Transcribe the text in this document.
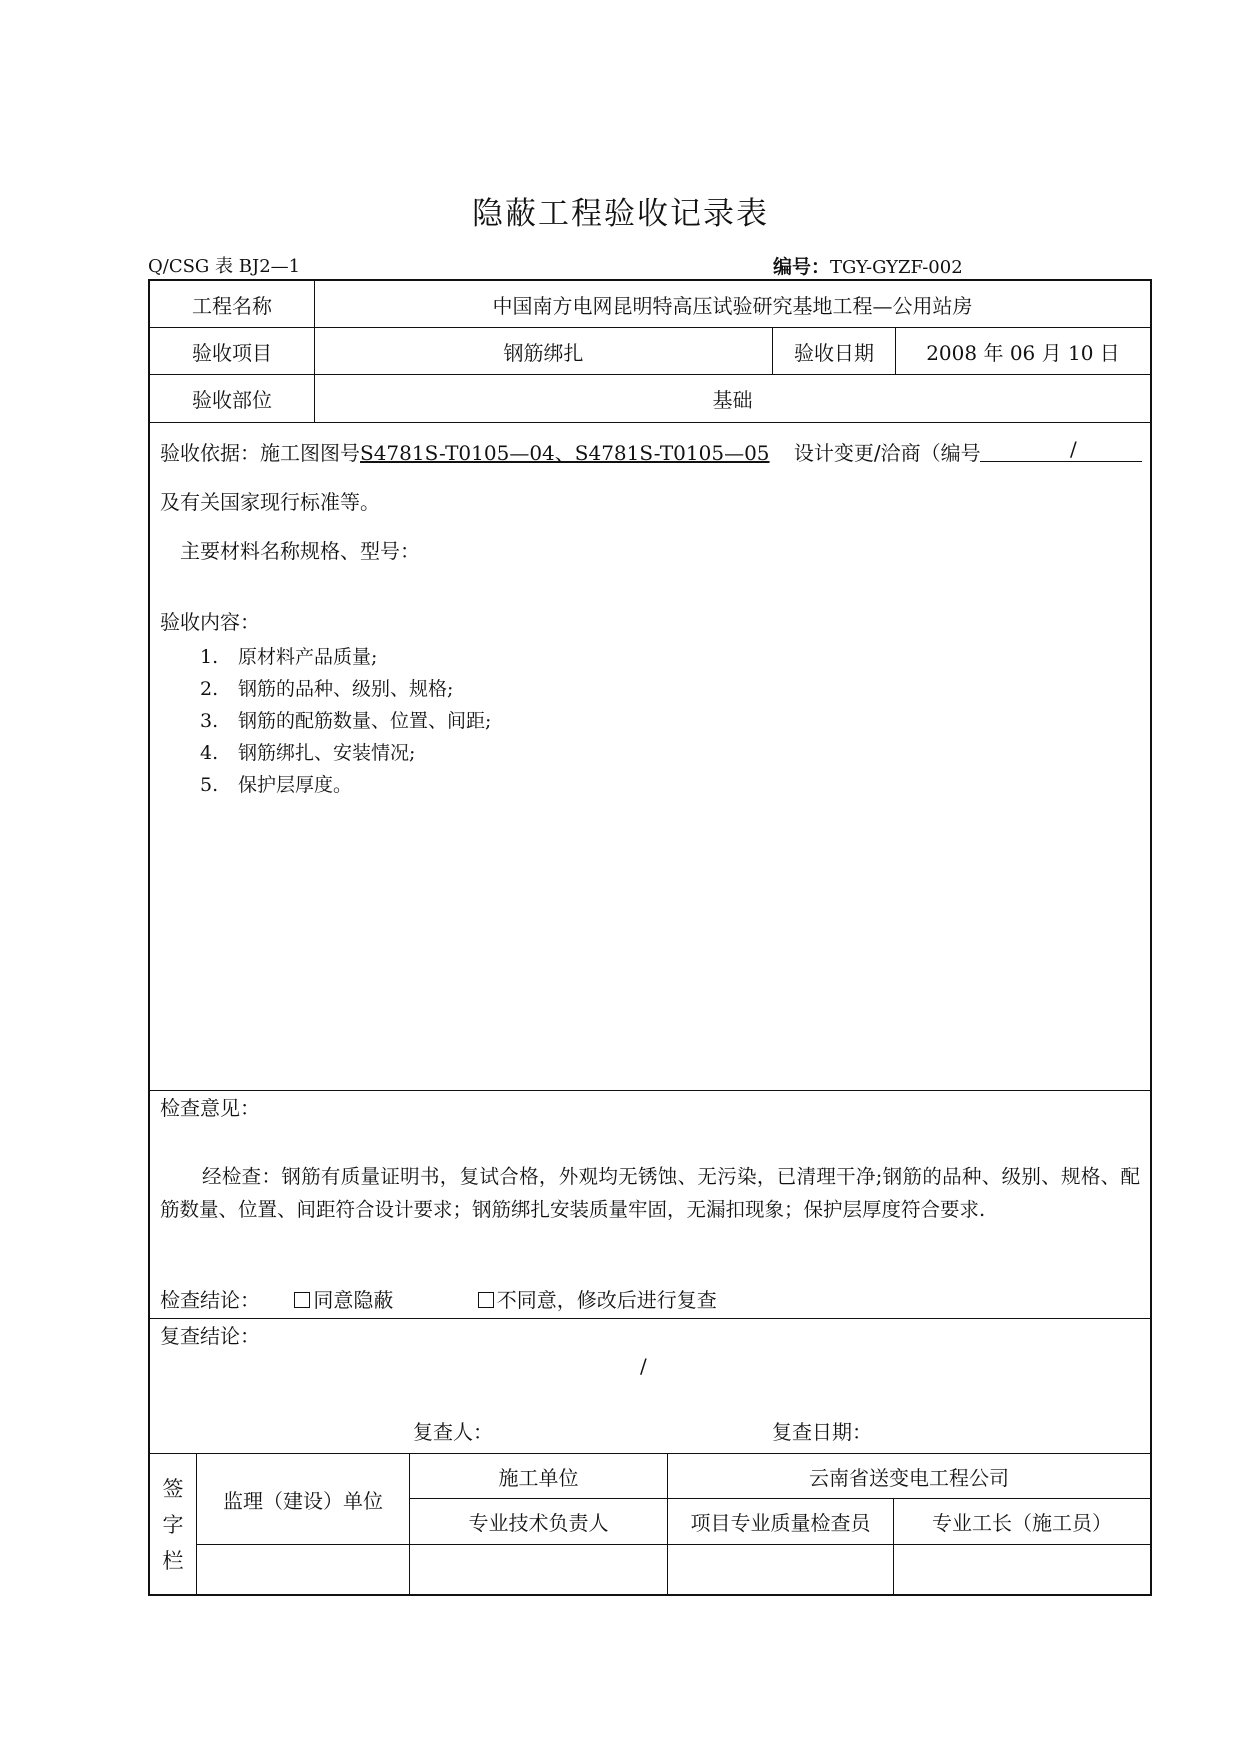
隐蔽工程验收记录表
Q/CSG 表 BJ2—1	编号：TGY-GYZF-002
工程名称	中国南方电网昆明特高压试验研究基地工程—公用站房
验收项目	钢筋绑扎	验收日期	2008 年 06 月 10 日
验收部位	基础
验收依据：施工图图号S4781S-T0105—04、S4781S-T0105—05 设计变更/洽商（编号	/
及有关国家现行标准等。
主要材料名称规格、型号：
验收内容：
1. 原材料产品质量;
2. 钢筋的品种、级别、规格;
3. 钢筋的配筋数量、位置、间距;
4. 钢筋绑扎、安装情况;
5. 保护层厚度。
检查意见：
经检查：钢筋有质量证明书，复试合格，外观均无锈蚀、无污染，已清理干净;钢筋的品种、级别、规格、配筋数量、位置、间距符合设计要求；钢筋绑扎安装质量牢固，无漏扣现象；保护层厚度符合要求.
检查结论：	同意隐蔽	不同意，修改后进行复查
复查结论：
/
复查人：	复查日期：
签
字
栏
监理（建设）单位
施工单位	云南省送变电工程公司
专业技术负责人	项目专业质量检查员	专业工长（施工员）
